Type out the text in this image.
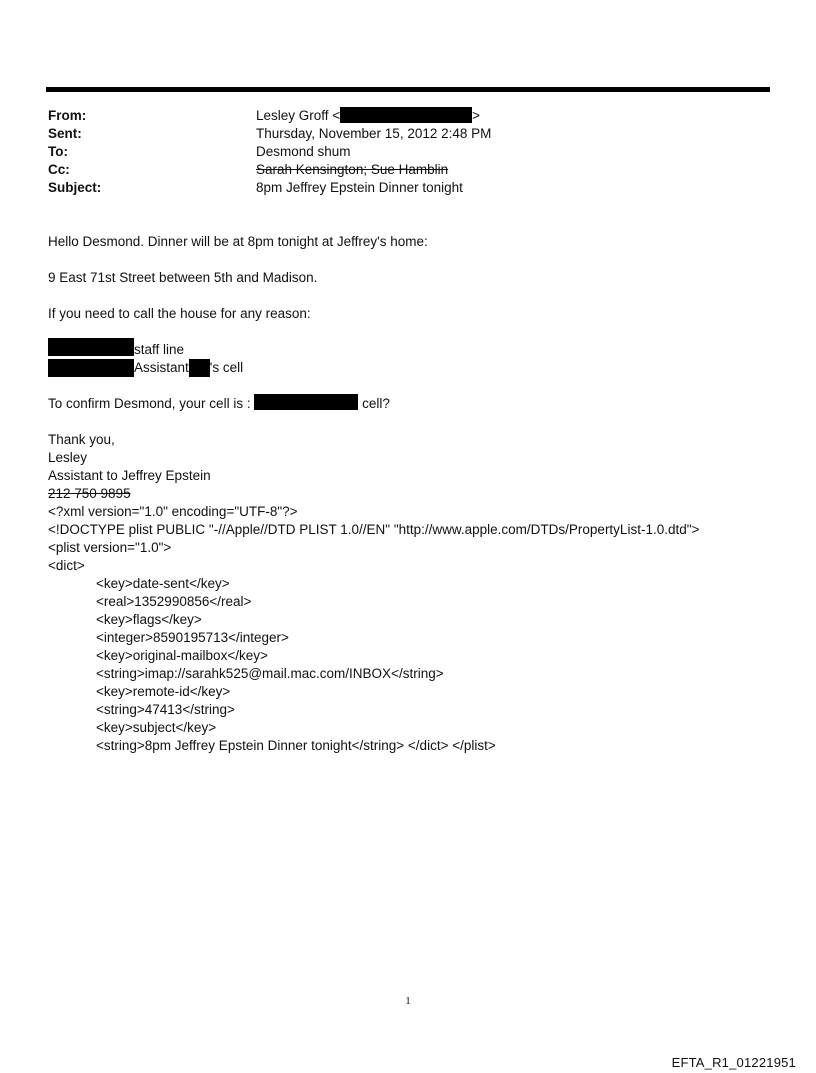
From:	Lesley Groff <	>
Sent:	Thursday, November 15, 2012 2:48 PM
To:	Desmond shum
Cc:	Sarah Kensington; Sue Hamblin
Subject:	8pm Jeffrey Epstein Dinner tonight
Hello Desmond. Dinner will be at 8pm tonight at Jeffrey's home:
9 East 71st Street between 5th and Madison.
If you need to call the house for any reason:
staff line
Assistant 's cell
To confirm Desmond, your cell is :	cell?
Thank you,
Lesley
Assistant to Jeffrey Epstein
212 750 9895
<?xml version="1.0" encoding="UTF-8"?>
<!DOCTYPE plist PUBLIC "-//Apple//DTD PLIST 1.0//EN" "http://www.apple.com/DTDs/PropertyList-1.0.dtd">
<plist version="1.0">
<dict>
<key>date-sent</key>
<real>1352990856</real>
<key>flags</key>
<integer>8590195713</integer>
<key>original-mailbox</key>
<string>imap://sarahk525@mail.mac.com/INBOX</string>
<key>remote-id</key>
<string>47413</string>
<key>subject</key>
<string>8pm Jeffrey Epstein Dinner tonight</string> </dict> </plist>
1
EFTA_R1_01221951
